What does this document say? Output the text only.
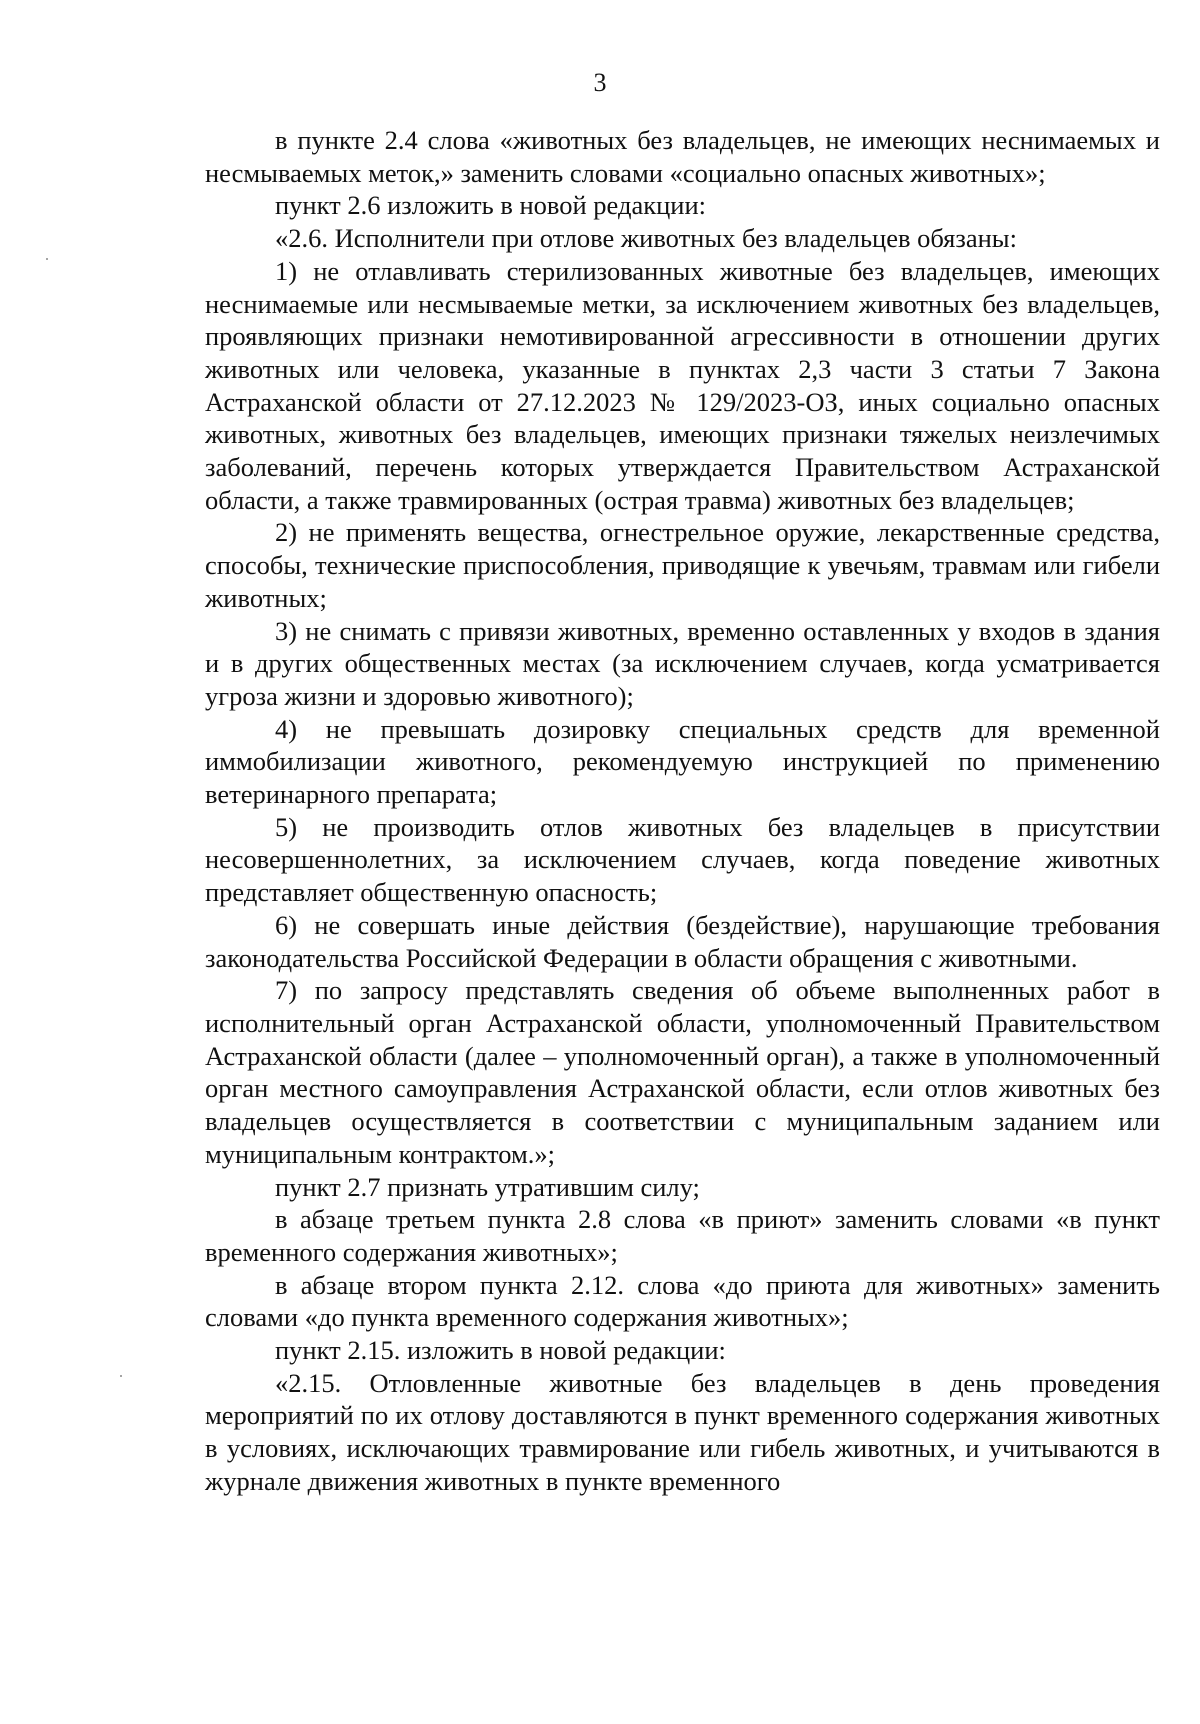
3

в пункте 2.4 слова «животных без владельцев, не имеющих неснимаемых и несмываемых меток,» заменить словами «социально опасных животных»;

пункт 2.6 изложить в новой редакции:

«2.6. Исполнители при отлове животных без владельцев обязаны:

1) не отлавливать стерилизованных животные без владельцев, имеющих неснимаемые или несмываемые метки, за исключением животных без владельцев, проявляющих признаки немотивированной агрессивности в отношении других животных или человека, указанные в пунктах 2,3 части 3 статьи 7 Закона Астраханской области от 27.12.2023 № 129/2023-ОЗ, иных социально опасных животных, животных без владельцев, имеющих признаки тяжелых неизлечимых заболеваний, перечень которых утверждается Правительством Астраханской области, а также травмированных (острая травма) животных без владельцев;

2) не применять вещества, огнестрельное оружие, лекарственные средства, способы, технические приспособления, приводящие к увечьям, травмам или гибели животных;

3) не снимать с привязи животных, временно оставленных у входов в здания и в других общественных местах (за исключением случаев, когда усматривается угроза жизни и здоровью животного);

4) не превышать дозировку специальных средств для временной иммобилизации животного, рекомендуемую инструкцией по применению ветеринарного препарата;

5) не производить отлов животных без владельцев в присутствии несовершеннолетних, за исключением случаев, когда поведение животных представляет общественную опасность;

6) не совершать иные действия (бездействие), нарушающие требования законодательства Российской Федерации в области обращения с животными.

7) по запросу представлять сведения об объеме выполненных работ в исполнительный орган Астраханской области, уполномоченный Правительством Астраханской области (далее – уполномоченный орган), а также в уполномоченный орган местного самоуправления Астраханской области, если отлов животных без владельцев осуществляется в соответствии с муниципальным заданием или муниципальным контрактом.»;

пункт 2.7 признать утратившим силу;

в абзаце третьем пункта 2.8 слова «в приют» заменить словами «в пункт временного содержания животных»;

в абзаце втором пункта 2.12. слова «до приюта для животных» заменить словами «до пункта временного содержания животных»;

пункт 2.15. изложить в новой редакции:

«2.15. Отловленные животные без владельцев в день проведения мероприятий по их отлову доставляются в пункт временного содержания животных в условиях, исключающих травмирование или гибель животных, и учитываются в журнале движения животных в пункте временного
